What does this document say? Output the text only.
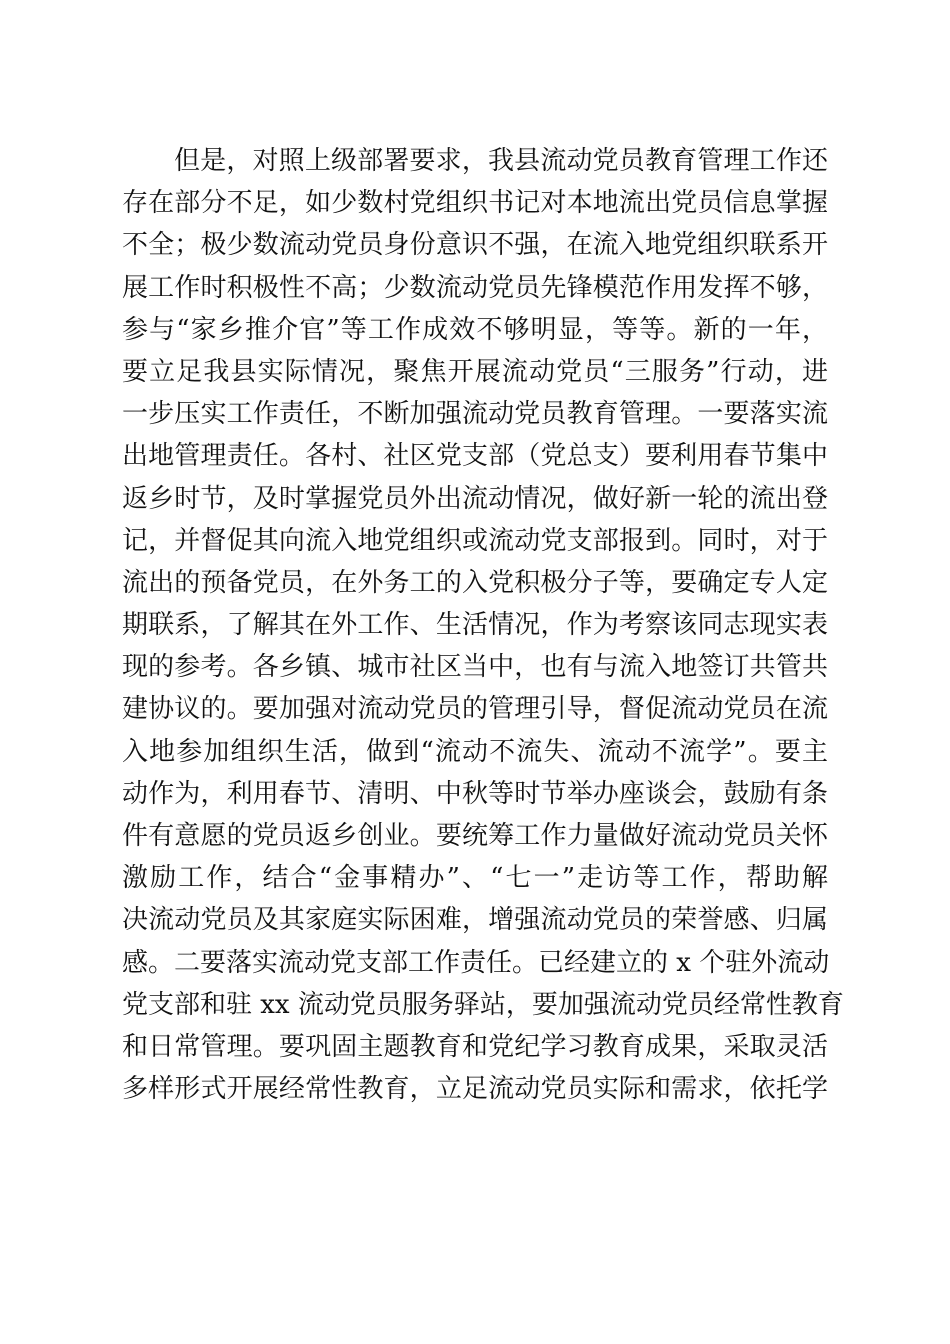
但是，对照上级部署要求，我县流动党员教育管理工作还
存在部分不足，如少数村党组织书记对本地流出党员信息掌握
不全；极少数流动党员身份意识不强，在流入地党组织联系开
展工作时积极性不高；少数流动党员先锋模范作用发挥不够，
参与“家乡推介官”等工作成效不够明显，等等。新的一年，
要立足我县实际情况，聚焦开展流动党员“三服务”行动，进
一步压实工作责任，不断加强流动党员教育管理。一要落实流
出地管理责任。各村、社区党支部（党总支）要利用春节集中
返乡时节，及时掌握党员外出流动情况，做好新一轮的流出登
记，并督促其向流入地党组织或流动党支部报到。同时，对于
流出的预备党员，在外务工的入党积极分子等，要确定专人定
期联系，了解其在外工作、生活情况，作为考察该同志现实表
现的参考。各乡镇、城市社区当中，也有与流入地签订共管共
建协议的。要加强对流动党员的管理引导，督促流动党员在流
入地参加组织生活，做到“流动不流失、流动不流学”。要主
动作为，利用春节、清明、中秋等时节举办座谈会，鼓励有条
件有意愿的党员返乡创业。要统筹工作力量做好流动党员关怀
激励工作，结合“金事精办”、“七一”走访等工作，帮助解
决流动党员及其家庭实际困难，增强流动党员的荣誉感、归属
感。二要落实流动党支部工作责任。已经建立的 x 个驻外流动
党支部和驻 xx 流动党员服务驿站，要加强流动党员经常性教育
和日常管理。要巩固主题教育和党纪学习教育成果，采取灵活
多样形式开展经常性教育，立足流动党员实际和需求，依托学
